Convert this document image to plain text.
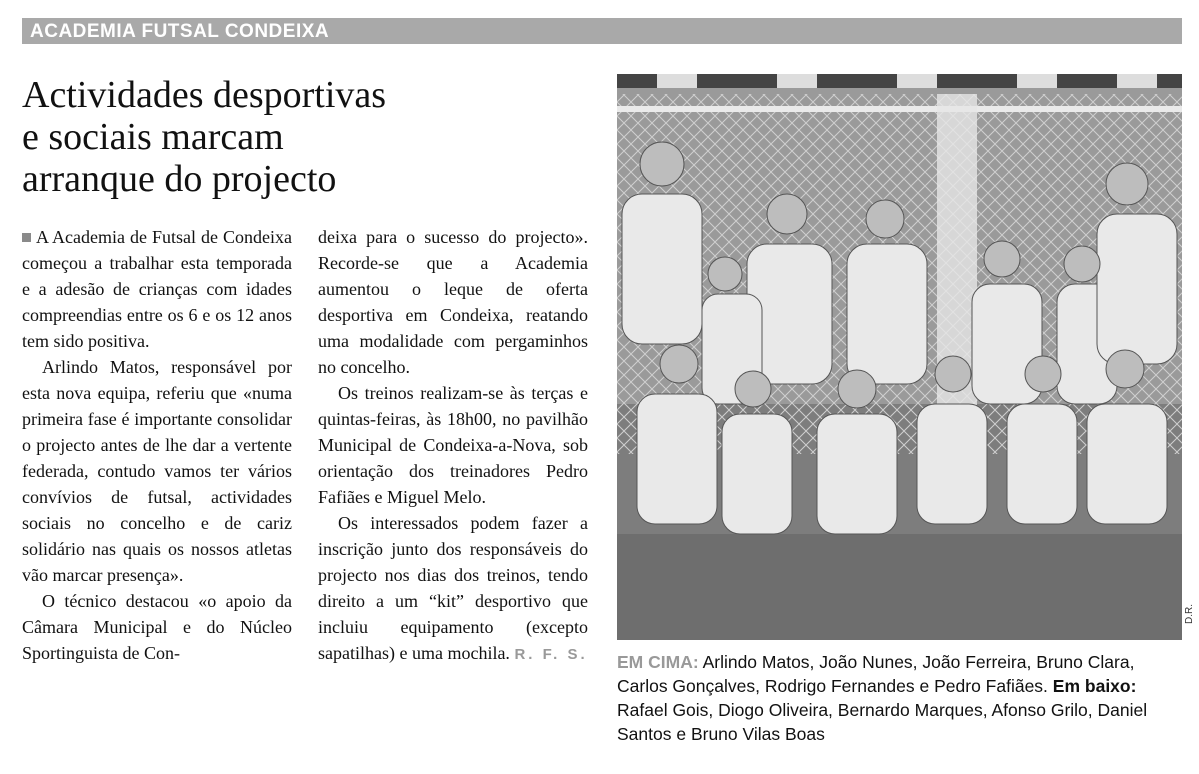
ACADEMIA FUTSAL CONDEIXA
Actividades desportivas
e sociais marcam
arranque do projecto

A Academia de Futsal de Condeixa começou a trabalhar esta temporada e a adesão de crianças com idades compreendias entre os 6 e os 12 anos tem sido positiva.

Arlindo Matos, responsável por esta nova equipa, referiu que «numa primeira fase é importante consolidar o projecto antes de lhe dar a vertente federada, contudo vamos ter vários convívios de futsal, actividades sociais no concelho e de cariz solidário nas quais os nossos atletas vão marcar presença».

O técnico destacou «o apoio da Câmara Municipal e do Núcleo Sportinguista de Con-

deixa para o sucesso do projecto». Recorde-se que a Academia aumentou o leque de oferta desportiva em Condeixa, reatando uma modalidade com pergaminhos no concelho.

Os treinos realizam-se às terças e quintas-feiras, às 18h00, no pavilhão Municipal de Condeixa-a-Nova, sob orientação dos treinadores Pedro Fafiães e Miguel Melo.

Os interessados podem fazer a inscrição junto dos responsáveis do projecto nos dias dos treinos, tendo direito a um “kit” desportivo que incluiu equipamento (excepto sapatilhas) e uma mochila. R. F. S.

D.R.
EM CIMA: Arlindo Matos, João Nunes, João Ferreira, Bruno Clara, Carlos Gonçalves, Rodrigo Fernandes e Pedro Fafiães. Em baixo: Rafael Gois, Diogo Oliveira, Bernardo Marques, Afonso Grilo, Daniel Santos e Bruno Vilas Boas
